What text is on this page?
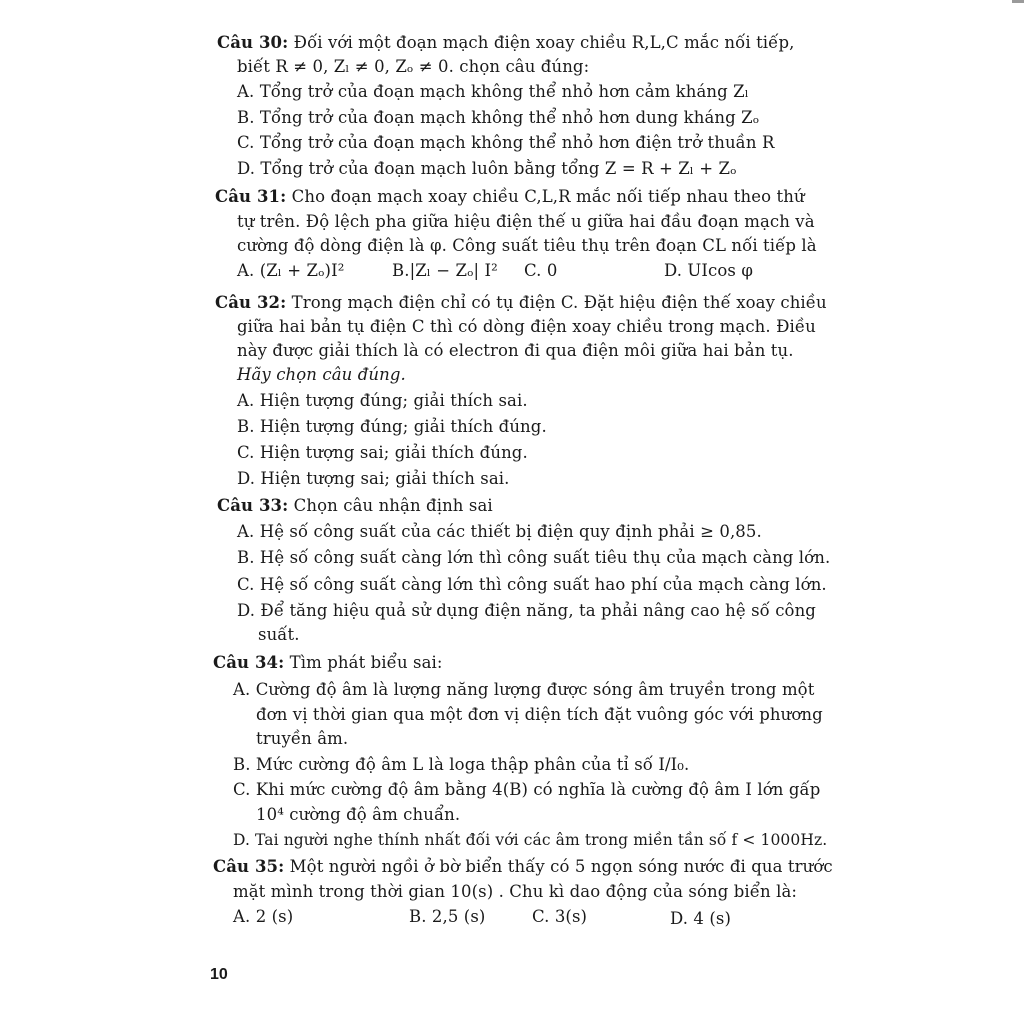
Câu 30: Đối với một đoạn mạch điện xoay chiều R,L,C mắc nối tiếp,
biết R ≠ 0, Zₗ ≠ 0, Zₒ ≠ 0. chọn câu đúng:
A. Tổng trở của đoạn mạch không thể nhỏ hơn cảm kháng Zₗ
B. Tổng trở của đoạn mạch không thể nhỏ hơn dung kháng Zₒ
C. Tổng trở của đoạn mạch không thể nhỏ hơn điện trở thuần R
D. Tổng trở của đoạn mạch luôn bằng tổng Z = R + Zₗ + Zₒ
Câu 31: Cho đoạn mạch xoay chiều C,L,R mắc nối tiếp nhau theo thứ
tự trên. Độ lệch pha giữa hiệu điện thế u giữa hai đầu đoạn mạch và
cường độ dòng điện là φ. Công suất tiêu thụ trên đoạn CL nối tiếp là
A. (Zₗ + Zₒ)I²	B.|Zₗ − Zₒ| I² C. 0	D. UIcos φ
Câu 32: Trong mạch điện chỉ có tụ điện C. Đặt hiệu điện thế xoay chiều
giữa hai bản tụ điện C thì có dòng điện xoay chiều trong mạch. Điều
này được giải thích là có electron đi qua điện môi giữa hai bản tụ.
Hãy chọn câu đúng.
A. Hiện tượng đúng; giải thích sai.
B. Hiện tượng đúng; giải thích đúng.
C. Hiện tượng sai; giải thích đúng.
D. Hiện tượng sai; giải thích sai.
Câu 33: Chọn câu nhận định sai
A. Hệ số công suất của các thiết bị điện quy định phải ≥ 0,85.
B. Hệ số công suất càng lớn thì công suất tiêu thụ của mạch càng lớn.
C. Hệ số công suất càng lớn thì công suất hao phí của mạch càng lớn.
D. Để tăng hiệu quả sử dụng điện năng, ta phải nâng cao hệ số công
suất.
Câu 34: Tìm phát biểu sai:
A. Cường độ âm là lượng năng lượng được sóng âm truyền trong một
đơn vị thời gian qua một đơn vị diện tích đặt vuông góc với phương
truyền âm.
B. Mức cường độ âm L là loga thập phân của tỉ số I/I₀.
C. Khi mức cường độ âm bằng 4(B) có nghĩa là cường độ âm I lớn gấp
10⁴ cường độ âm chuẩn.
D. Tai người nghe thính nhất đối với các âm trong miền tần số f < 1000Hz.
Câu 35: Một người ngồi ở bờ biển thấy có 5 ngọn sóng nước đi qua trước
mặt mình trong thời gian 10(s) . Chu kì dao động của sóng biển là:
A. 2 (s)	B. 2,5 (s)	C. 3(s)	D. 4 (s)
10
